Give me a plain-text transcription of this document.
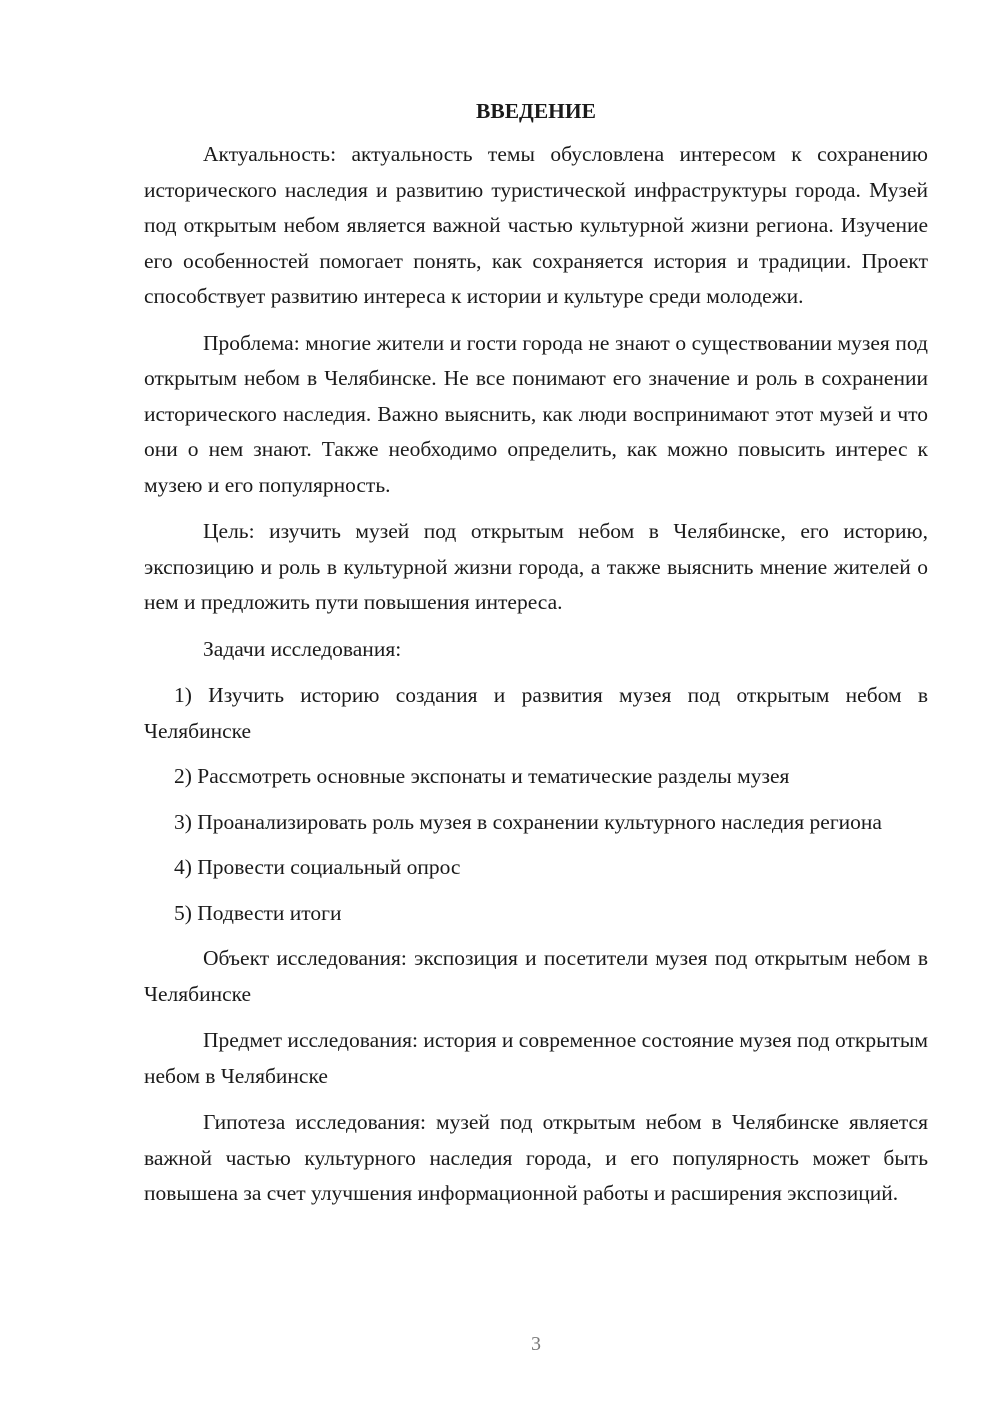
ВВЕДЕНИЕ

Актуальность: актуальность темы обусловлена интересом к сохранению исторического наследия и развитию туристической инфраструктуры города. Музей под открытым небом является важной частью культурной жизни региона. Изучение его особенностей помогает понять, как сохраняется история и традиции. Проект способствует развитию интереса к истории и культуре среди молодежи.

Проблема: многие жители и гости города не знают о существовании музея под открытым небом в Челябинске. Не все понимают его значение и роль в сохранении исторического наследия. Важно выяснить, как люди воспринимают этот музей и что они о нем знают. Также необходимо определить, как можно повысить интерес к музею и его популярность.

Цель: изучить музей под открытым небом в Челябинске, его историю, экспозицию и роль в культурной жизни города, а также выяснить мнение жителей о нем и предложить пути повышения интереса.

Задачи исследования:

1) Изучить историю создания и развития музея под открытым небом в Челябинске

2) Рассмотреть основные экспонаты и тематические разделы музея

3) Проанализировать роль музея в сохранении культурного наследия региона

4) Провести социальный опрос

5) Подвести итоги

Объект исследования: экспозиция и посетители музея под открытым небом в Челябинске

Предмет исследования: история и современное состояние музея под открытым небом в Челябинске

Гипотеза исследования: музей под открытым небом в Челябинске является важной частью культурного наследия города, и его популярность может быть повышена за счет улучшения информационной работы и расширения экспозиций.

3
